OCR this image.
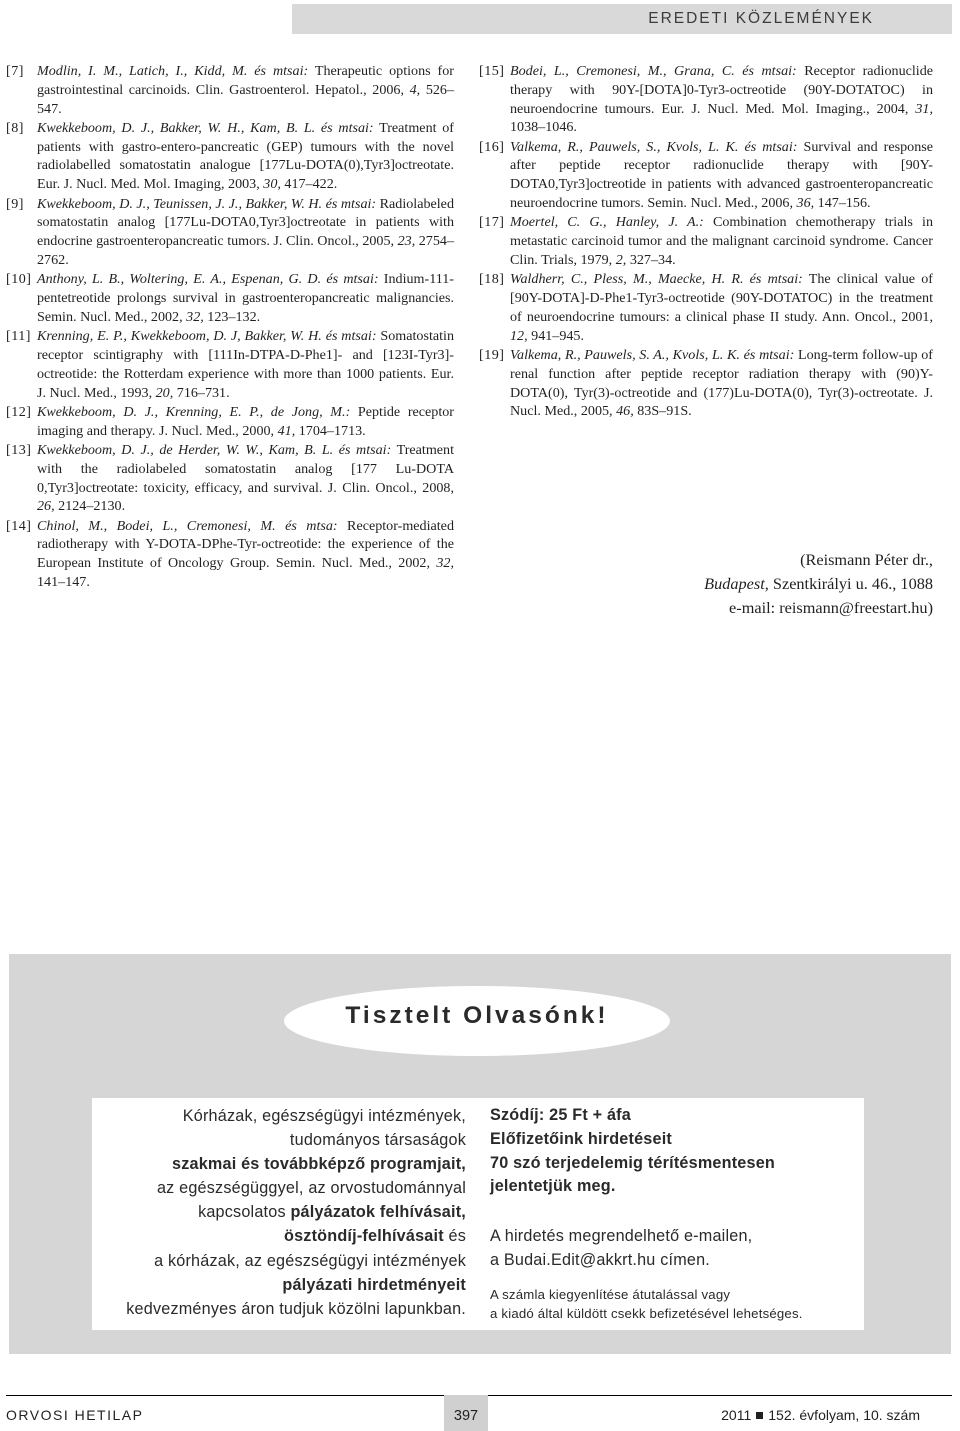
EREDETI KÖZLEMÉNYEK
[7] Modlin, I. M., Latich, I., Kidd, M. és mtsai: Therapeutic options for gastrointestinal carcinoids. Clin. Gastroenterol. Hepatol., 2006, 4, 526–547.
[8] Kwekkeboom, D. J., Bakker, W. H., Kam, B. L. és mtsai: Treatment of patients with gastro-entero-pancreatic (GEP) tumours with the novel radiolabelled somatostatin analogue [177Lu-DOTA(0),Tyr3]octreotate. Eur. J. Nucl. Med. Mol. Imaging, 2003, 30, 417–422.
[9] Kwekkeboom, D. J., Teunissen, J. J., Bakker, W. H. és mtsai: Radiolabeled somatostatin analog [177Lu-DOTA0,Tyr3]octreotate in patients with endocrine gastroenteropancreatic tumors. J. Clin. Oncol., 2005, 23, 2754–2762.
[10] Anthony, L. B., Woltering, E. A., Espenan, G. D. és mtsai: Indium-111-pentetreotide prolongs survival in gastroenteropancreatic malignancies. Semin. Nucl. Med., 2002, 32, 123–132.
[11] Krenning, E. P., Kwekkeboom, D. J, Bakker, W. H. és mtsai: Somatostatin receptor scintigraphy with [111In-DTPA-D-Phe1]- and [123I-Tyr3]-octreotide: the Rotterdam experience with more than 1000 patients. Eur. J. Nucl. Med., 1993, 20, 716–731.
[12] Kwekkeboom, D. J., Krenning, E. P., de Jong, M.: Peptide receptor imaging and therapy. J. Nucl. Med., 2000, 41, 1704–1713.
[13] Kwekkeboom, D. J., de Herder, W. W., Kam, B. L. és mtsai: Treatment with the radiolabeled somatostatin analog [177 Lu-DOTA 0,Tyr3]octreotate: toxicity, efficacy, and survival. J. Clin. Oncol., 2008, 26, 2124–2130.
[14] Chinol, M., Bodei, L., Cremonesi, M. és mtsa: Receptor-mediated radiotherapy with Y-DOTA-DPhe-Tyr-octreotide: the experience of the European Institute of Oncology Group. Semin. Nucl. Med., 2002, 32, 141–147.
[15] Bodei, L., Cremonesi, M., Grana, C. és mtsai: Receptor radionuclide therapy with 90Y-[DOTA]0-Tyr3-octreotide (90Y-DOTATOC) in neuroendocrine tumours. Eur. J. Nucl. Med. Mol. Imaging., 2004, 31, 1038–1046.
[16] Valkema, R., Pauwels, S., Kvols, L. K. és mtsai: Survival and response after peptide receptor radionuclide therapy with [90Y-DOTA0,Tyr3]octreotide in patients with advanced gastroenteropancreatic neuroendocrine tumors. Semin. Nucl. Med., 2006, 36, 147–156.
[17] Moertel, C. G., Hanley, J. A.: Combination chemotherapy trials in metastatic carcinoid tumor and the malignant carcinoid syndrome. Cancer Clin. Trials, 1979, 2, 327–34.
[18] Waldherr, C., Pless, M., Maecke, H. R. és mtsai: The clinical value of [90Y-DOTA]-D-Phe1-Tyr3-octreotide (90Y-DOTATOC) in the treatment of neuroendocrine tumours: a clinical phase II study. Ann. Oncol., 2001, 12, 941–945.
[19] Valkema, R., Pauwels, S. A., Kvols, L. K. és mtsai: Long-term follow-up of renal function after peptide receptor radiation therapy with (90)Y-DOTA(0), Tyr(3)-octreotide and (177)Lu-DOTA(0), Tyr(3)-octreotate. J. Nucl. Med., 2005, 46, 83S–91S.
(Reismann Péter dr.,
Budapest, Szentkirályi u. 46., 1088
e-mail: reismann@freestart.hu)
Tisztelt Olvasónk!
Kórházak, egészségügyi intézmények,
tudományos társaságok
szakmai és továbbképző programjait,
az egészségüggyel, az orvostudománnyal
kapcsolatos pályázatok felhívásait,
ösztöndíj-felhívásait és
a kórházak, az egészségügyi intézmények
pályázati hirdetményeit
kedvezményes áron tudjuk közölni lapunkban.
Szódíj: 25 Ft + áfa
Előfizetőink hirdetéseit
70 szó terjedelemig térítésmentesen
jelentetjük meg.
A hirdetés megrendelhető e-mailen,
a Budai.Edit@akkrt.hu címen.
A számla kiegyenlítése átutalással vagy
a kiadó által küldött csekk befizetésével lehetséges.
ORVOSI HETILAP	397	2011 152. évfolyam, 10. szám
